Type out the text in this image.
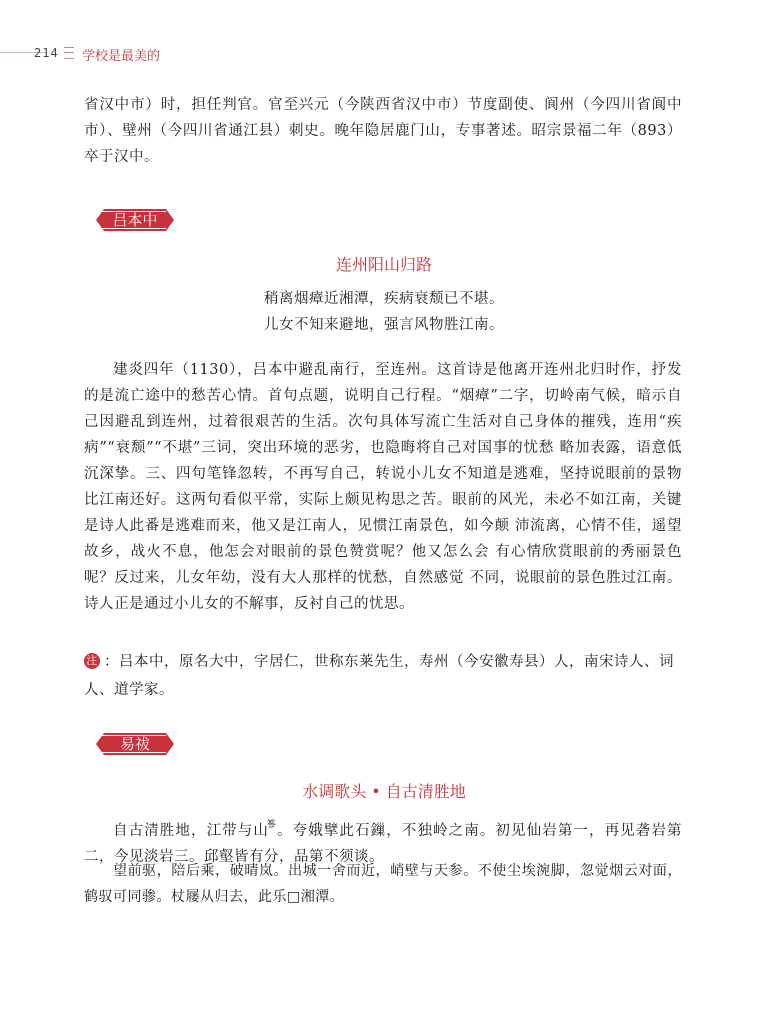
214 学校是最美的
省汉中市）时，担任判官。官至兴元（今陕西省汉中市）节度副使、阆州（今四川省阆中市）、壁州（今四川省通江县）刺史。晚年隐居鹿门山，专事著述。昭宗景福二年（893）卒于汉中。
吕本中
连州阳山归路
稍离烟瘴近湘潭，疾病衰颓已不堪。
儿女不知来避地，强言风物胜江南。
建炎四年（1130），吕本中避乱南行，至连州。这首诗是他离开连州北归时作，抒发的是流亡途中的愁苦心情。首句点题，说明自己行程。“烟瘴”二字，切岭南气候，暗示自己因避乱到连州，过着很艰苦的生活。次句具体写流亡生活对自己身体的摧残，连用“疾病”“衰颓”“不堪”三词，突出环境的恶劣，也隐晦将自己对国事的忧愁 略加表露，语意低沉深挚。三、四句笔锋忽转，不再写自己，转说小儿女不知道是逃难，坚持说眼前的景物比江南还好。这两句看似平常，实际上颇见构思之苦。眼前的风光，未必不如江南，关键是诗人此番是逃难而来，他又是江南人，见惯江南景色，如今颠 沛流离，心情不佳，遥望故乡，战火不息，他怎会对眼前的景色赞赏呢？他又怎么会 有心情欣赏眼前的秀丽景色呢？反过来，儿女年幼，没有大人那样的忧愁，自然感觉 不同，说眼前的景色胜过江南。诗人正是通过小儿女的不解事，反衬自己的忧思。
注 ：吕本中，原名大中，字居仁，世称东莱先生，寿州（今安徽寿县）人，南宋诗人、词人、道学家。
易祓
水调歌头 • 自古清胜地
自古清胜地，江带与山$^篸$。夸娥擘此石鏁，不独岭之南。初见仙岩第一，再见砻岩第二，今见淡岩三。邱壑皆有分，品第不须谈。
望前驱，陪后乘，破晴岚。出城一舍而近，峭壁与天参。不使尘埃涴脚，忽觉烟云对面，鹤驭可同骖。杖屦从归去，此乐□湘潭。
